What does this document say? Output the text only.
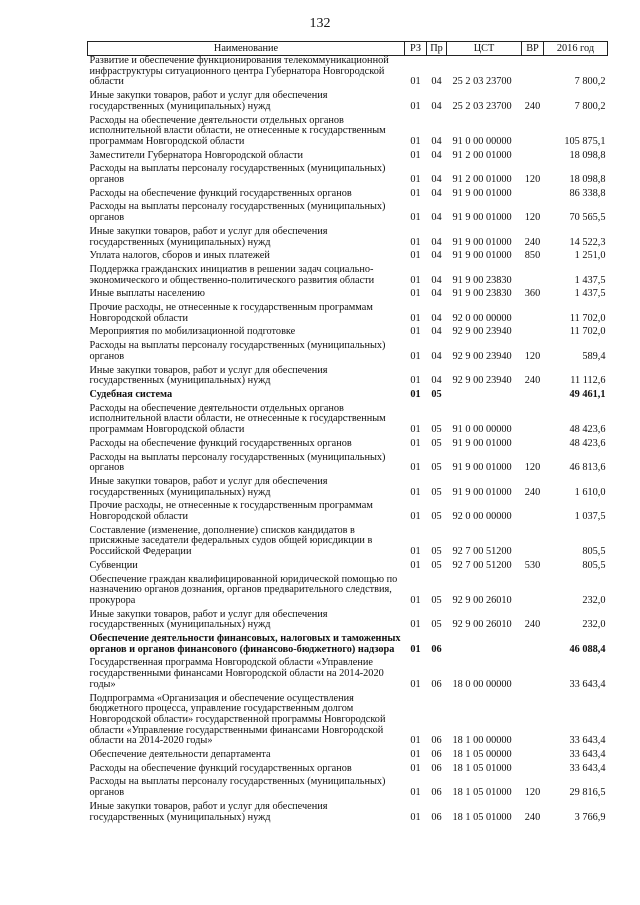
132
Наименование	РЗ	Пр	ЦСТ	ВР	2016 год
Развитие и обеспечение функционирования телекоммуникационной инфраструктуры ситуационного центра Губернатора Новгородской области	01	04	25 2 03 23700		7 800,2
Иные закупки товаров, работ и услуг для обеспечения государственных (муниципальных) нужд	01	04	25 2 03 23700	240	7 800,2
Расходы на обеспечение деятельности отдельных органов исполнительной власти области, не отнесенные к государственным программам Новгородской области	01	04	91 0 00 00000		105 875,1
Заместители Губернатора Новгородской области	01	04	91 2 00 01000		18 098,8
Расходы на выплаты персоналу государственных (муниципальных) органов	01	04	91 2 00 01000	120	18 098,8
Расходы на обеспечение функций государственных органов	01	04	91 9 00 01000		86 338,8
Расходы на выплаты персоналу государственных (муниципальных) органов	01	04	91 9 00 01000	120	70 565,5
Иные закупки товаров, работ и услуг для обеспечения государственных (муниципальных) нужд	01	04	91 9 00 01000	240	14 522,3
Уплата налогов, сборов и иных платежей	01	04	91 9 00 01000	850	1 251,0
Поддержка гражданских инициатив в решении задач социально-экономического и общественно-политического развития области	01	04	91 9 00 23830		1 437,5
Иные выплаты населению	01	04	91 9 00 23830	360	1 437,5
Прочие расходы, не отнесенные к государственным программам Новгородской области	01	04	92 0 00 00000		11 702,0
Мероприятия по мобилизационной подготовке	01	04	92 9 00 23940		11 702,0
Расходы на выплаты персоналу государственных (муниципальных) органов	01	04	92 9 00 23940	120	589,4
Иные закупки товаров, работ и услуг для обеспечения государственных (муниципальных) нужд	01	04	92 9 00 23940	240	11 112,6
Судебная система	01	05			49 461,1
Расходы на обеспечение деятельности отдельных органов исполнительной власти области, не отнесенные к государственным программам Новгородской области	01	05	91 0 00 00000		48 423,6
Расходы на обеспечение функций государственных органов	01	05	91 9 00 01000		48 423,6
Расходы на выплаты персоналу государственных (муниципальных) органов	01	05	91 9 00 01000	120	46 813,6
Иные закупки товаров, работ и услуг для обеспечения государственных (муниципальных) нужд	01	05	91 9 00 01000	240	1 610,0
Прочие расходы, не отнесенные к государственным программам Новгородской области	01	05	92 0 00 00000		1 037,5
Составление (изменение, дополнение) списков кандидатов в присяжные заседатели федеральных судов общей юрисдикции в Российской Федерации	01	05	92 7 00 51200		805,5
Субвенции	01	05	92 7 00 51200	530	805,5
Обеспечение граждан квалифицированной юридической помощью по назначению органов дознания, органов предварительного следствия, прокурора	01	05	92 9 00 26010		232,0
Иные закупки товаров, работ и услуг для обеспечения государственных (муниципальных) нужд	01	05	92 9 00 26010	240	232,0
Обеспечение деятельности финансовых, налоговых и таможенных органов и органов финансового (финансово-бюджетного) надзора	01	06			46 088,4
Государственная программа Новгородской области «Управление государственными финансами Новгородской области на 2014-2020 годы»	01	06	18 0 00 00000		33 643,4
Подпрограмма «Организация и обеспечение осуществления бюджетного процесса, управление государственным долгом Новгородской области» государственной программы Новгородской области «Управление государственными финансами Новгородской области на 2014-2020 годы»	01	06	18 1 00 00000		33 643,4
Обеспечение деятельности департамента	01	06	18 1 05 00000		33 643,4
Расходы на обеспечение функций государственных органов	01	06	18 1 05 01000		33 643,4
Расходы на выплаты персоналу государственных (муниципальных) органов	01	06	18 1 05 01000	120	29 816,5
Иные закупки товаров, работ и услуг для обеспечения государственных (муниципальных) нужд	01	06	18 1 05 01000	240	3 766,9
